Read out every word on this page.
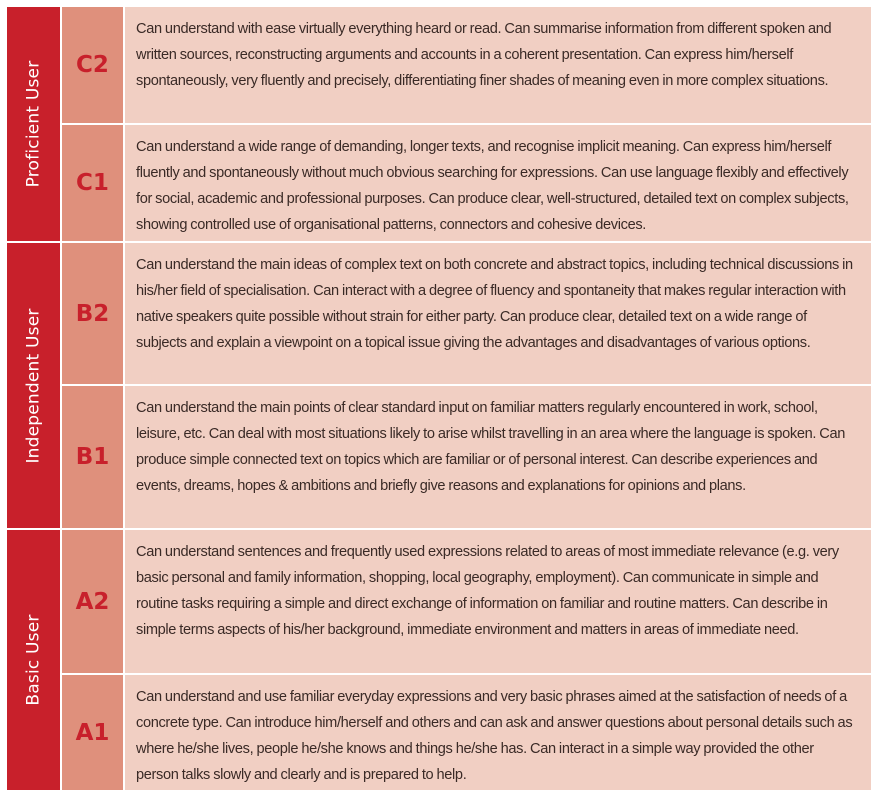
Proficient User C2

Can understand with ease virtually everything heard or read. Can summarise information from different spoken and written sources, reconstructing arguments and accounts in a coherent presentation. Can express him/herself spontaneously, very fluently and precisely, differentiating finer shades of meaning even in more complex situations.

C1

Can understand a wide range of demanding, longer texts, and recognise implicit meaning. Can express him/herself fluently and spontaneously without much obvious searching for expressions. Can use language flexibly and effectively for social, academic and professional purposes. Can produce clear, well-structured, detailed text on complex subjects, showing controlled use of organisational patterns, connectors and cohesive devices.

Independent User B2

Can understand the main ideas of complex text on both concrete and abstract topics, including technical discussions in his/her field of specialisation. Can interact with a degree of fluency and spontaneity that makes regular interaction with native speakers quite possible without strain for either party. Can produce clear, detailed text on a wide range of subjects and explain a viewpoint on a topical issue giving the advantages and disadvantages of various options.

B1

Can understand the main points of clear standard input on familiar matters regularly encountered in work, school, leisure, etc. Can deal with most situations likely to arise whilst travelling in an area where the language is spoken. Can produce simple connected text on topics which are familiar or of personal interest. Can describe experiences and events, dreams, hopes & ambitions and briefly give reasons and explanations for opinions and plans.

Basic User
A2

Can understand sentences and frequently used expressions related to areas of most immediate relevance (e.g. very basic personal and family information, shopping, local geography, employment). Can communicate in simple and routine tasks requiring a simple and direct exchange of information on familiar and routine matters. Can describe in simple terms aspects of his/her background, immediate environment and matters in areas of immediate need.

A1

Can understand and use familiar everyday expressions and very basic phrases aimed at the satisfaction of needs of a concrete type. Can introduce him/herself and others and can ask and answer questions about personal details such as where he/she lives, people he/she knows and things he/she has. Can interact in a simple way provided the other person talks slowly and clearly and is prepared to help.
